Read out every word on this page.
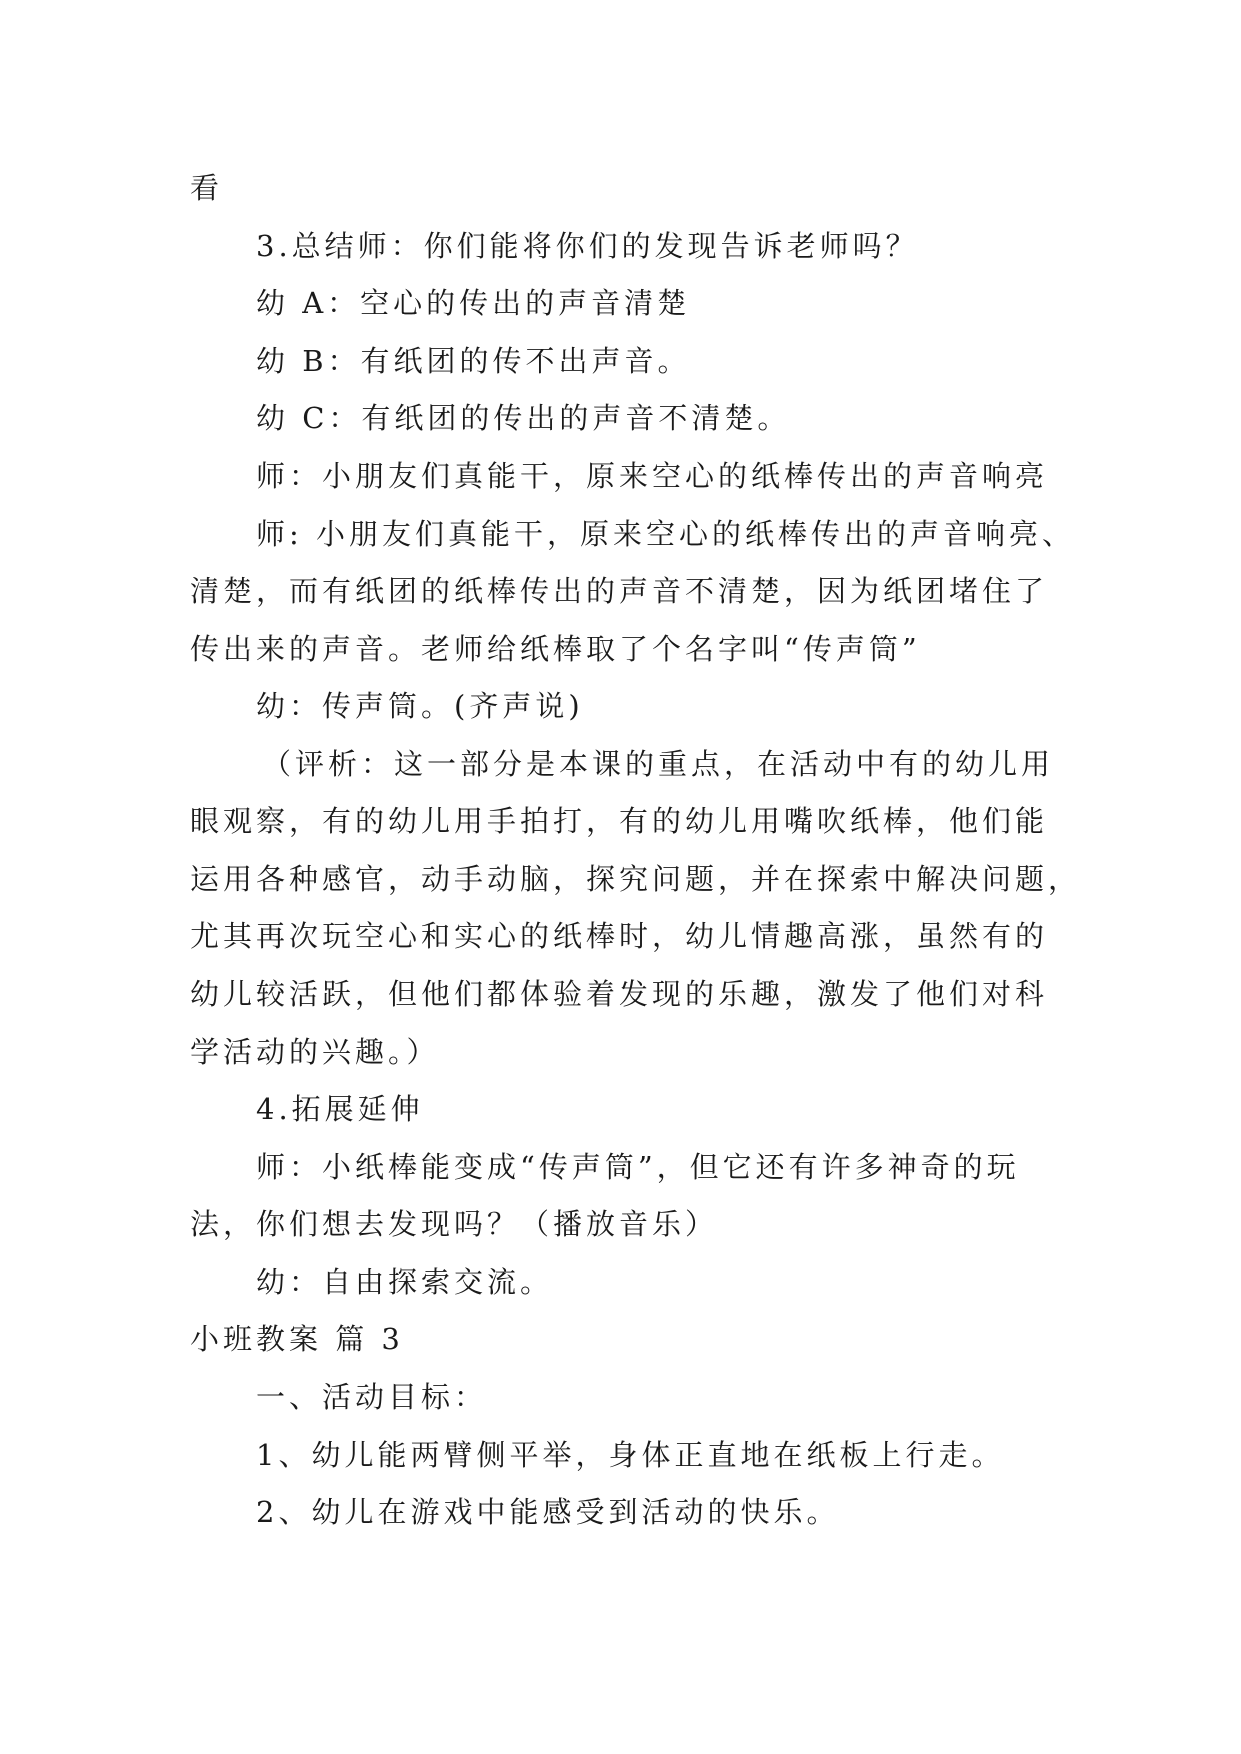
看

3.总结师：你们能将你们的发现告诉老师吗？

幼 A：空心的传出的声音清楚

幼 B：有纸团的传不出声音。

幼 C：有纸团的传出的声音不清楚。

师：小朋友们真能干，原来空心的纸棒传出的声音响亮

师: 小朋友们真能干，原来空心的纸棒传出的声音响亮、

清楚，而有纸团的纸棒传出的声音不清楚，因为纸团堵住了

传出来的声音。老师给纸棒取了个名字叫“传声筒”

幼：传声筒。(齐声说)

（评析：这一部分是本课的重点，在活动中有的幼儿用

眼观察，有的幼儿用手拍打，有的幼儿用嘴吹纸棒，他们能

运用各种感官，动手动脑，探究问题，并在探索中解决问题，

尤其再次玩空心和实心的纸棒时，幼儿情趣高涨，虽然有的

幼儿较活跃，但他们都体验着发现的乐趣，激发了他们对科

学活动的兴趣。）

4.拓展延伸

师：小纸棒能变成“传声筒”，但它还有许多神奇的玩

法，你们想去发现吗？（播放音乐）

幼：自由探索交流。

小班教案 篇 3

一、活动目标：

1、幼儿能两臂侧平举，身体正直地在纸板上行走。

2、幼儿在游戏中能感受到活动的快乐。
